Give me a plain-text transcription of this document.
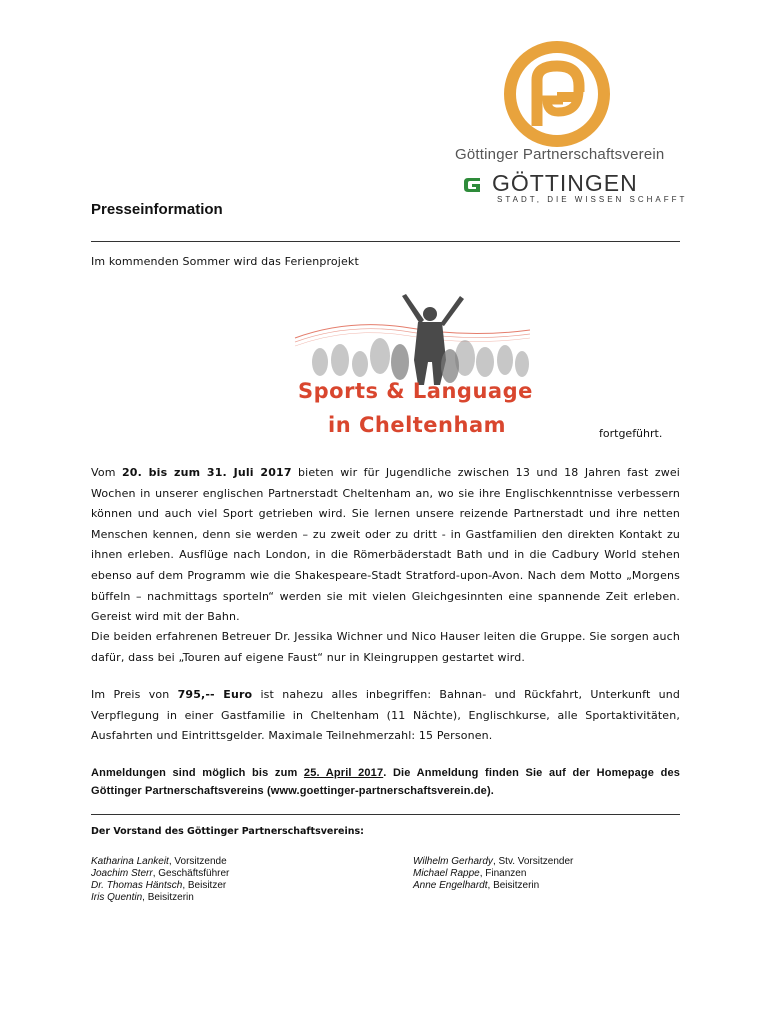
Göttinger Partnerschaftsverein
GÖTTINGEN
STADT, DIE WISSEN SCHAFFT
Presseinformation

Im kommenden Sommer wird das Ferienprojekt

Sports & Language
in Cheltenham	fortgeführt.

Vom 20. bis zum 31. Juli 2017 bieten wir für Jugendliche zwischen 13 und 18 Jahren fast zwei Wochen in unserer englischen Partnerstadt Cheltenham an, wo sie ihre Englischkenntnisse verbessern können und auch viel Sport getrieben wird. Sie lernen unsere reizende Partnerstadt und ihre netten Menschen kennen, denn sie werden – zu zweit oder zu dritt - in Gastfamilien den direkten Kontakt zu ihnen erleben. Ausflüge nach London, in die Römerbäderstadt Bath und in die Cadbury World stehen ebenso auf dem Programm wie die Shakespeare-Stadt Stratford-upon-Avon. Nach dem Motto „Morgens büffeln – nachmittags sporteln“ werden sie mit vielen Gleichgesinnten eine spannende Zeit erleben. Gereist wird mit der Bahn.

Die beiden erfahrenen Betreuer Dr. Jessika Wichner und Nico Hauser leiten die Gruppe. Sie sorgen auch dafür, dass bei „Touren auf eigene Faust“ nur in Kleingruppen gestartet wird.

Im Preis von 795,-- Euro ist nahezu alles inbegriffen: Bahnan- und Rückfahrt, Unterkunft und Verpflegung in einer Gastfamilie in Cheltenham (11 Nächte), Englischkurse, alle Sportaktivitäten, Ausfahrten und Eintrittsgelder. Maximale Teilnehmerzahl: 15 Personen.

Anmeldungen sind möglich bis zum 25. April 2017. Die Anmeldung finden Sie auf der Homepage des Göttinger Partnerschaftsvereins (www.goettinger-partnerschaftsverein.de).

Der Vorstand des Göttinger Partnerschaftsvereins:
Katharina Lankeit, Vorsitzende
Joachim Sterr, Geschäftsführer
Dr. Thomas Häntsch, Beisitzer
Iris Quentin, Beisitzerin
Wilhelm Gerhardy, Stv. Vorsitzender
Michael Rappe, Finanzen
Anne Engelhardt, Beisitzerin
